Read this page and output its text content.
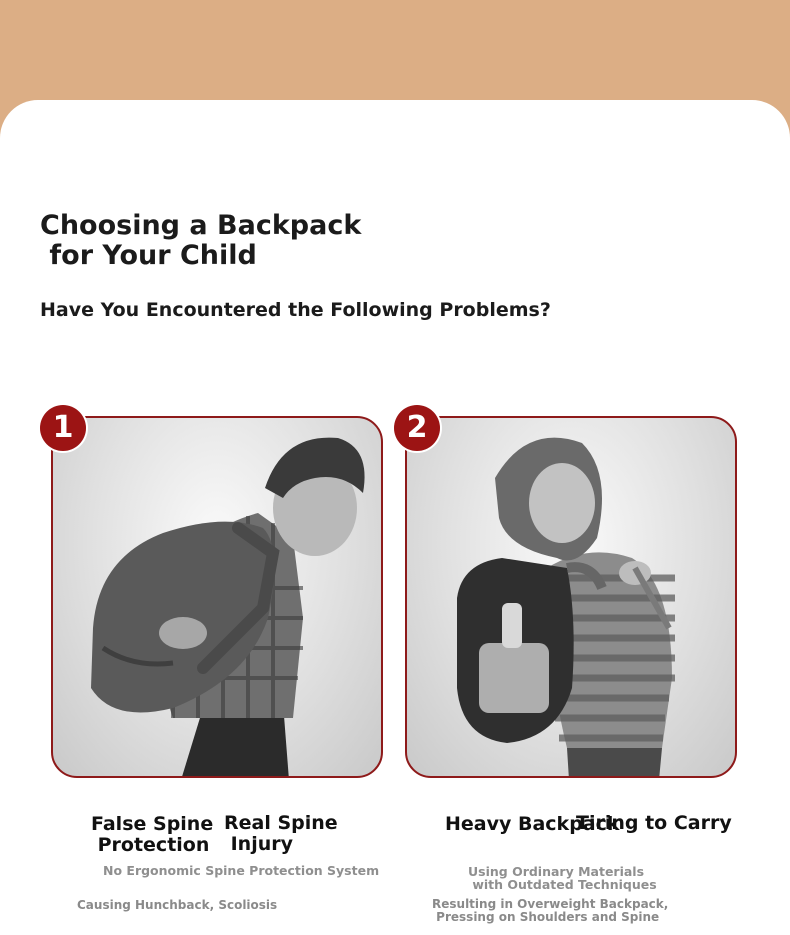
Choosing a Backpack
for Your Child
Have You Encountered the Following Problems?
1	2

False Spine
Protection

Real Spine
Injury

No Ergonomic Spine Protection System

Causing Hunchback, Scoliosis

Heavy Backpack

Tiring to Carry

Using Ordinary Materials
with Outdated Techniques

Resulting in Overweight Backpack,
Pressing on Shoulders and Spine
